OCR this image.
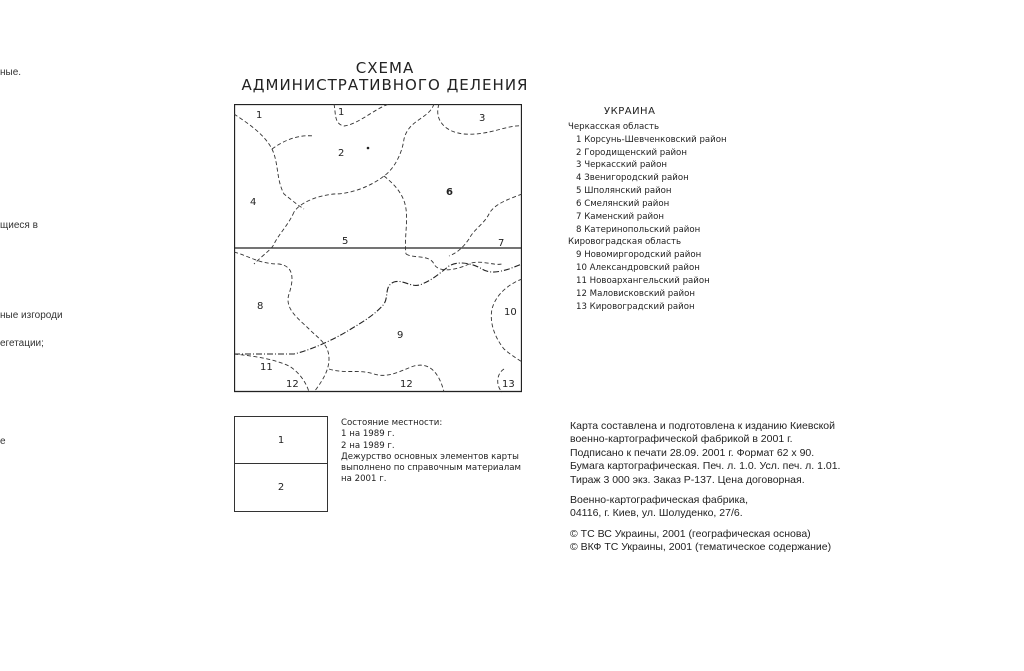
ные.
щиеся в
ные изгороди
егетации;
е
СХЕМА
АДМИНИСТРАТИВНОГО ДЕЛЕНИЯ
1	1
2
3
4
6
5	7
8
9
10
11
12	12	13
УКРАИНА
Черкасская область
1 Корсунь-Шевченковский район
2 Городищенский район
3 Черкасский район
4 Звенигородский район
5 Шполянский район
6 Смелянский район
7 Каменский район
8 Катеринопольский район
Кировоградская область
9 Новомиргородский район
10 Александровский район
11 Новоархангельский район
12 Маловисковский район
13 Кировоградский район
1
2
Состояние местности:
1 на 1989 г.
2 на 1989 г.
Дежурство основных элементов карты
выполнено по справочным материалам
на 2001 г.
Карта составлена и подготовлена к изданию Киевской
военно-картографической фабрикой в 2001 г.
Подписано к печати 28.09. 2001 г. Формат 62 х 90.
Бумага картографическая. Печ. л. 1.0. Усл. печ. л. 1.01.
Тираж 3 000 экз. Заказ Р-137. Цена договорная.
Военно-картографическая фабрика,
04116, г. Киев, ул. Шолуденко, 27/6.
© ТС ВС Украины, 2001 (географическая основа)
© ВКФ ТС Украины, 2001 (тематическое содержание)
